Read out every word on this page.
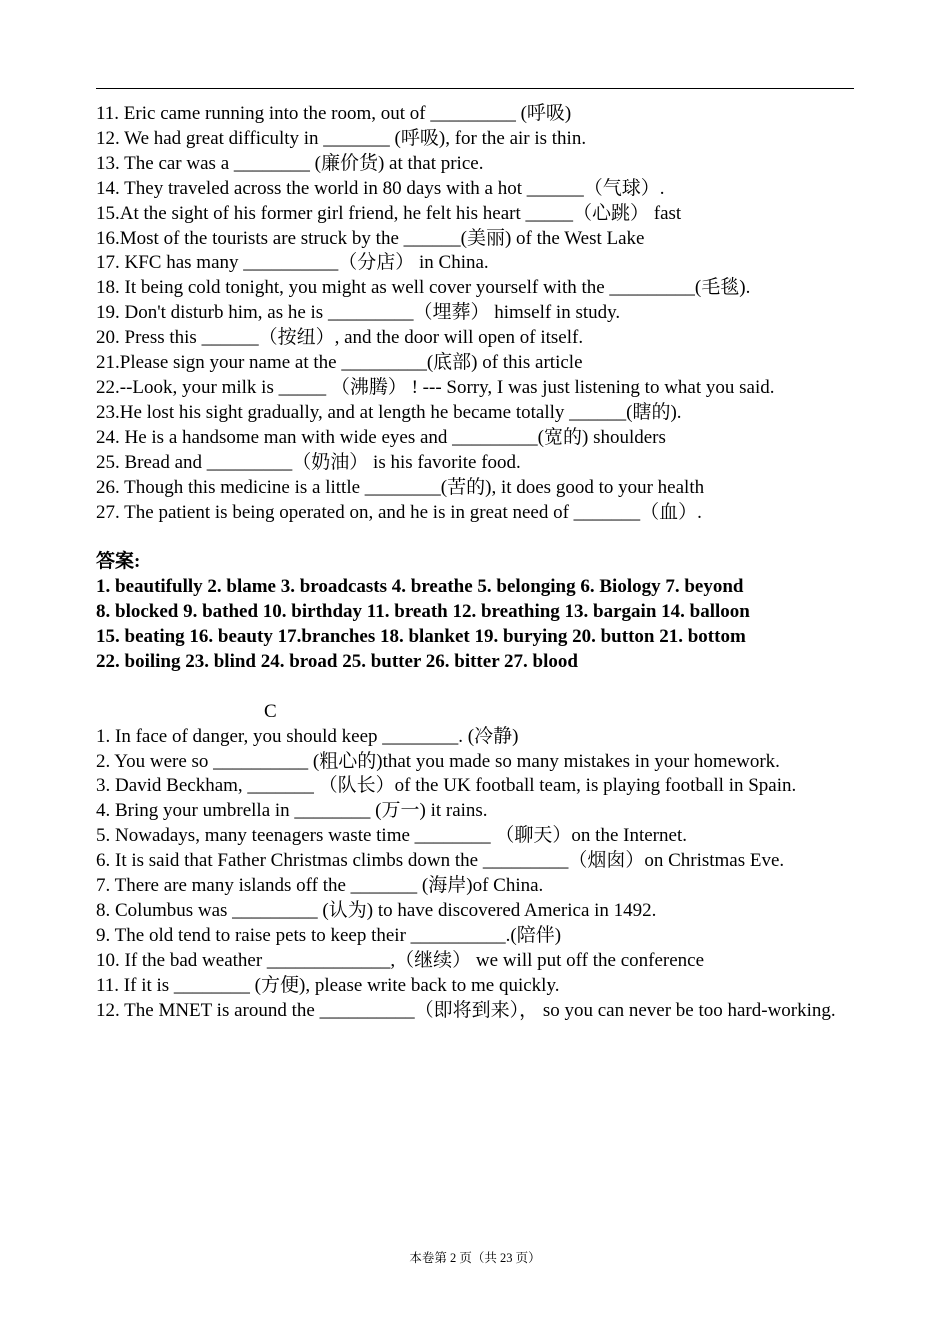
11. Eric came running into the room, out of _________ (呼吸)
12. We had great difficulty in _______ (呼吸), for the air is thin.
13. The car was a ________ (廉价货) at that price.
14. They traveled across the world in 80 days with a hot ______（气球）.
15.At the sight of his former girl friend, he felt his heart _____（心跳） fast
16.Most of the tourists are struck by the ______(美丽) of the West Lake
17. KFC has many __________（分店） in China.
18. It being cold tonight, you might as well cover yourself with the _________(毛毯).
19. Don't disturb him, as he is _________（埋葬） himself in study.
20. Press this ______（按纽）, and the door will open of itself.
21.Please sign your name at the _________(底部) of this article
22.--Look, your milk is _____ （沸腾） ! --- Sorry, I was just listening to what you said.
23.He lost his sight gradually, and at length he became totally ______(瞎的).
24. He is a handsome man with wide eyes and _________(宽的) shoulders
25. Bread and _________（奶油） is his favorite food.
26. Though this medicine is a little ________(苦的), it does good to your health
27. The patient is being operated on, and he is in great need of _______（血）.
答案:
1. beautifully 2. blame 3. broadcasts 4. breathe 5. belonging 6. Biology 7. beyond
8. blocked 9. bathed 10. birthday 11. breath 12. breathing 13. bargain 14. balloon
15. beating 16. beauty 17.branches 18. blanket 19. burying 20. button 21. bottom
22. boiling 23. blind 24. broad 25. butter 26. bitter 27. blood
C
1. In face of danger, you should keep ________. (冷静)
2. You were so __________ (粗心的)that you made so many mistakes in your homework.
3. David Beckham, _______ （队长）of the UK football team, is playing football in Spain.
4. Bring your umbrella in ________ (万一) it rains.
5. Nowadays, many teenagers waste time ________ （聊天）on the Internet.
6. It is said that Father Christmas climbs down the _________（烟囱）on Christmas Eve.
7. There are many islands off the _______ (海岸)of China.
8. Columbus was _________ (认为) to have discovered America in 1492.
9. The old tend to raise pets to keep their __________.(陪伴)
10. If the bad weather _____________,（继续） we will put off the conference
11. If it is ________ (方便), please write back to me quickly.
12. The MNET is around the __________（即将到来）， so you can never be too hard-working.
本卷第 2 页（共 23 页）
